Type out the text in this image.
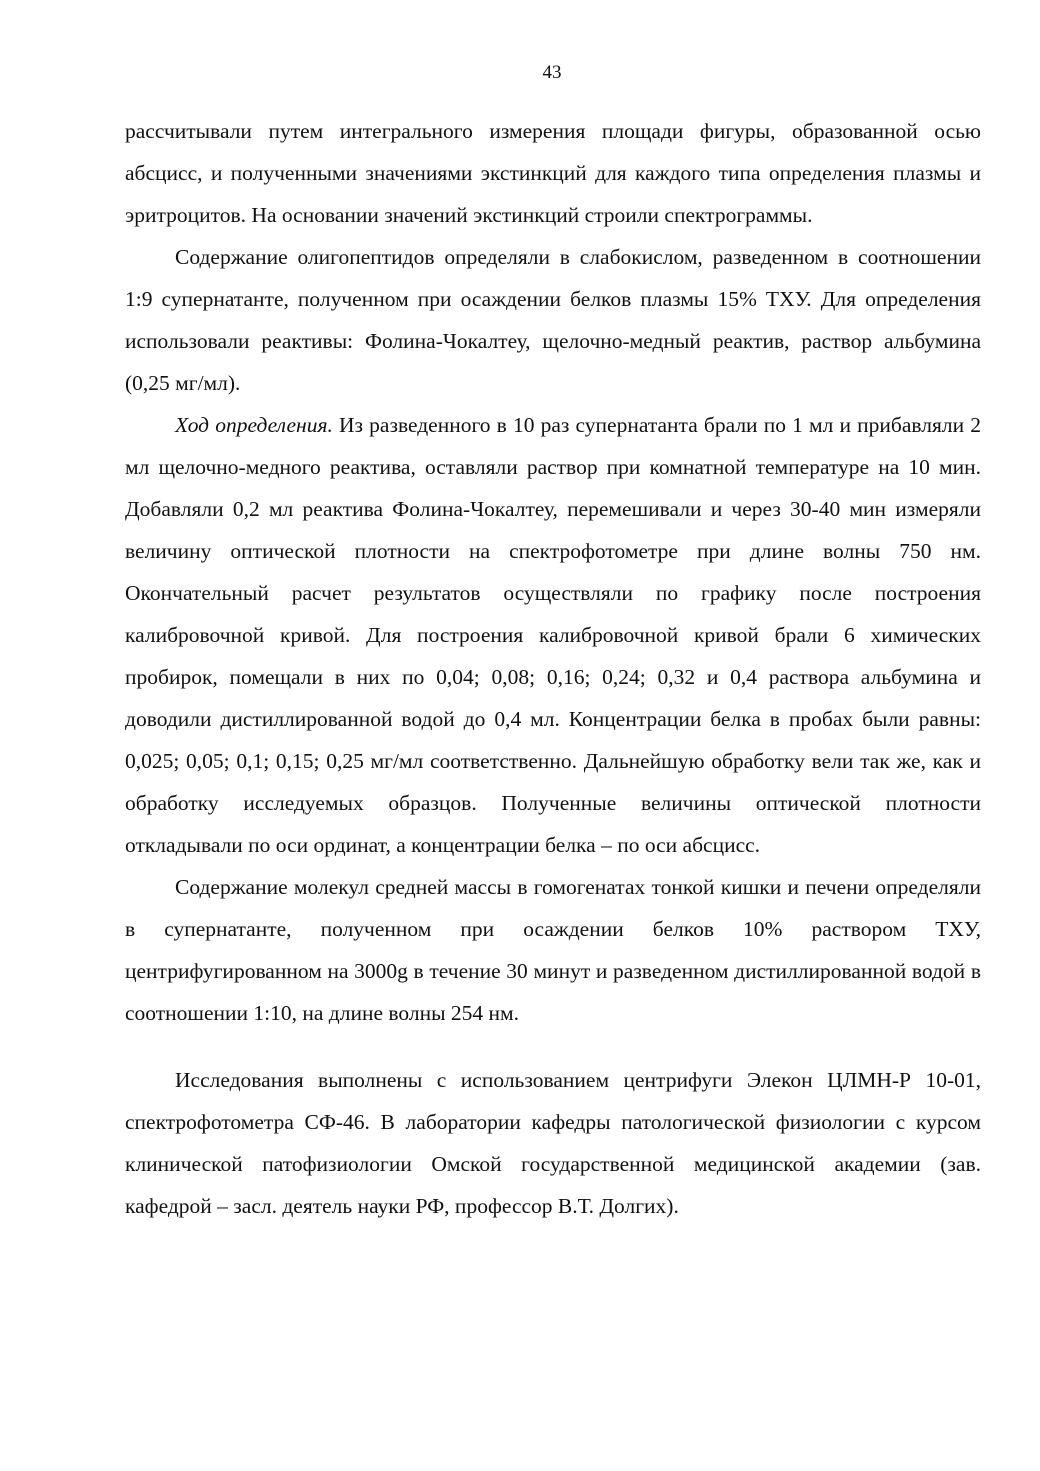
43

рассчитывали путем интегрального измерения площади фигуры, образованной осью абсцисс, и полученными значениями экстинкций для каждого типа определения плазмы и эритроцитов. На основании значений экстинкций строили спектрограммы.

Содержание олигопептидов определяли в слабокислом, разведенном в соотношении 1:9 супернатанте, полученном при осаждении белков плазмы 15% ТХУ. Для определения использовали реактивы: Фолина-Чокалтеу, щелочно-медный реактив, раствор альбумина (0,25 мг/мл).

Ход определения. Из разведенного в 10 раз супернатанта брали по 1 мл и прибавляли 2 мл щелочно-медного реактива, оставляли раствор при комнатной температуре на 10 мин. Добавляли 0,2 мл реактива Фолина-Чокалтеу, перемешивали и через 30-40 мин измеряли величину оптической плотности на спектрофотометре при длине волны 750 нм. Окончательный расчет результатов осуществляли по графику после построения калибровочной кривой. Для построения калибровочной кривой брали 6 химических пробирок, помещали в них по 0,04; 0,08; 0,16; 0,24; 0,32 и 0,4 раствора альбумина и доводили дистиллированной водой до 0,4 мл. Концентрации белка в пробах были равны: 0,025; 0,05; 0,1; 0,15; 0,25 мг/мл соответственно. Дальнейшую обработку вели так же, как и обработку исследуемых образцов. Полученные величины оптической плотности откладывали по оси ординат, а концентрации белка – по оси абсцисс.

Содержание молекул средней массы в гомогенатах тонкой кишки и печени определяли в супернатанте, полученном при осаждении белков 10% раствором ТХУ, центрифугированном на 3000g в течение 30 минут и разведенном дистиллированной водой в соотношении 1:10, на длине волны 254 нм.

Исследования выполнены с использованием центрифуги Элекон ЦЛМН-Р 10-01, спектрофотометра СФ-46. В лаборатории кафедры патологической физиологии с курсом клинической патофизиологии Омской государственной медицинской академии (зав. кафедрой – засл. деятель науки РФ, профессор В.Т. Долгих).
